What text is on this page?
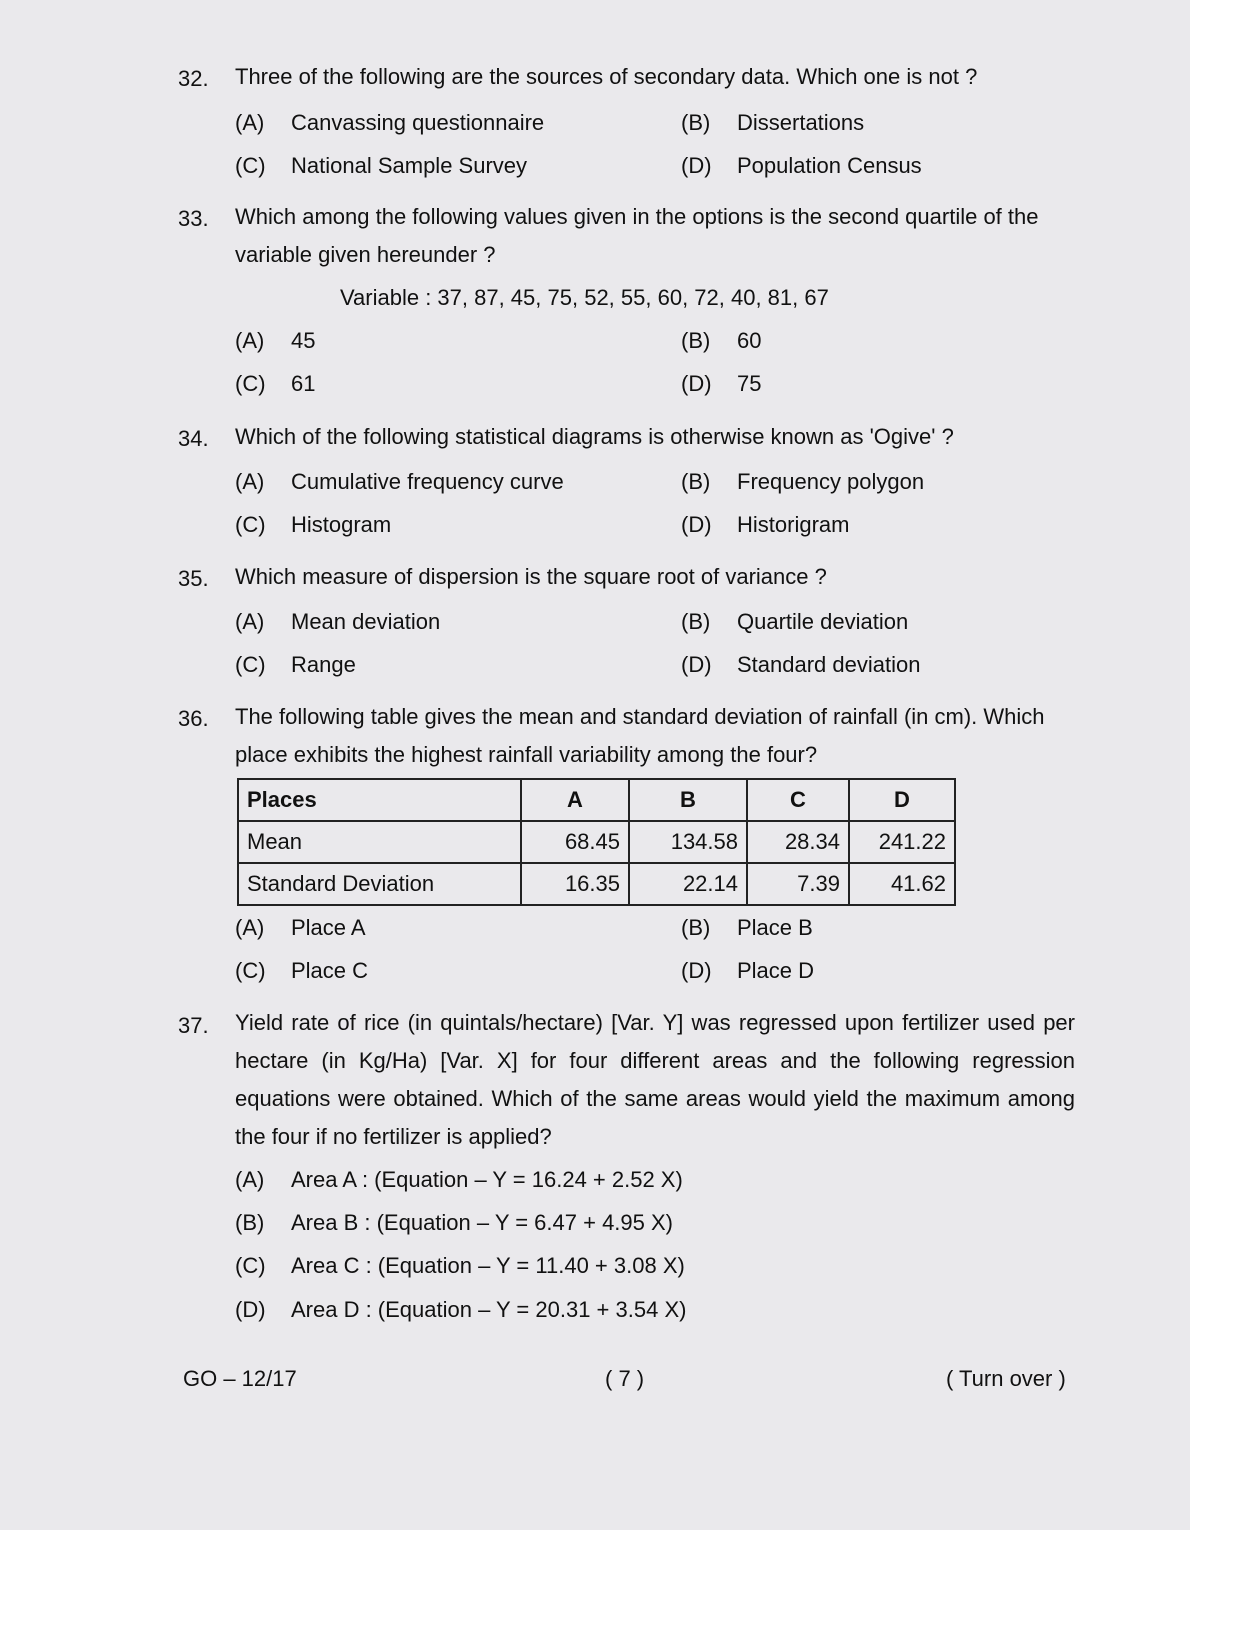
32. Three of the following are the sources of secondary data. Which one is not ?
(A) Canvassing questionnaire	(B) Dissertations
(C) National Sample Survey	(D) Population Census
33. Which among the following values given in the options is the second quartile of the variable given hereunder ?
Variable : 37, 87, 45, 75, 52, 55, 60, 72, 40, 81, 67
(A) 45	(B) 60
(C) 61	(D) 75
34. Which of the following statistical diagrams is otherwise known as 'Ogive' ?
(A) Cumulative frequency curve	(B) Frequency polygon
(C) Histogram	(D) Historigram
35. Which measure of dispersion is the square root of variance ?
(A) Mean deviation	(B) Quartile deviation
(C) Range	(D) Standard deviation
36. The following table gives the mean and standard deviation of rainfall (in cm). Which place exhibits the highest rainfall variability among the four?
Places	A	B	C	D
Mean	68.45	134.58	28.34	241.22
Standard Deviation	16.35	22.14	7.39	41.62
(A) Place A	(B) Place B
(C) Place C	(D) Place D
37. Yield rate of rice (in quintals/hectare) [Var. Y] was regressed upon fertilizer used per hectare (in Kg/Ha) [Var. X] for four different areas and the following regression equations were obtained. Which of the same areas would yield the maximum among the four if no fertilizer is applied?
(A) Area A : (Equation – Y = 16.24 + 2.52 X)
(B) Area B : (Equation – Y = 6.47 + 4.95 X)
(C) Area C : (Equation – Y = 11.40 + 3.08 X)
(D) Area D : (Equation – Y = 20.31 + 3.54 X)
GO – 12/17	( 7 )	( Turn over )
